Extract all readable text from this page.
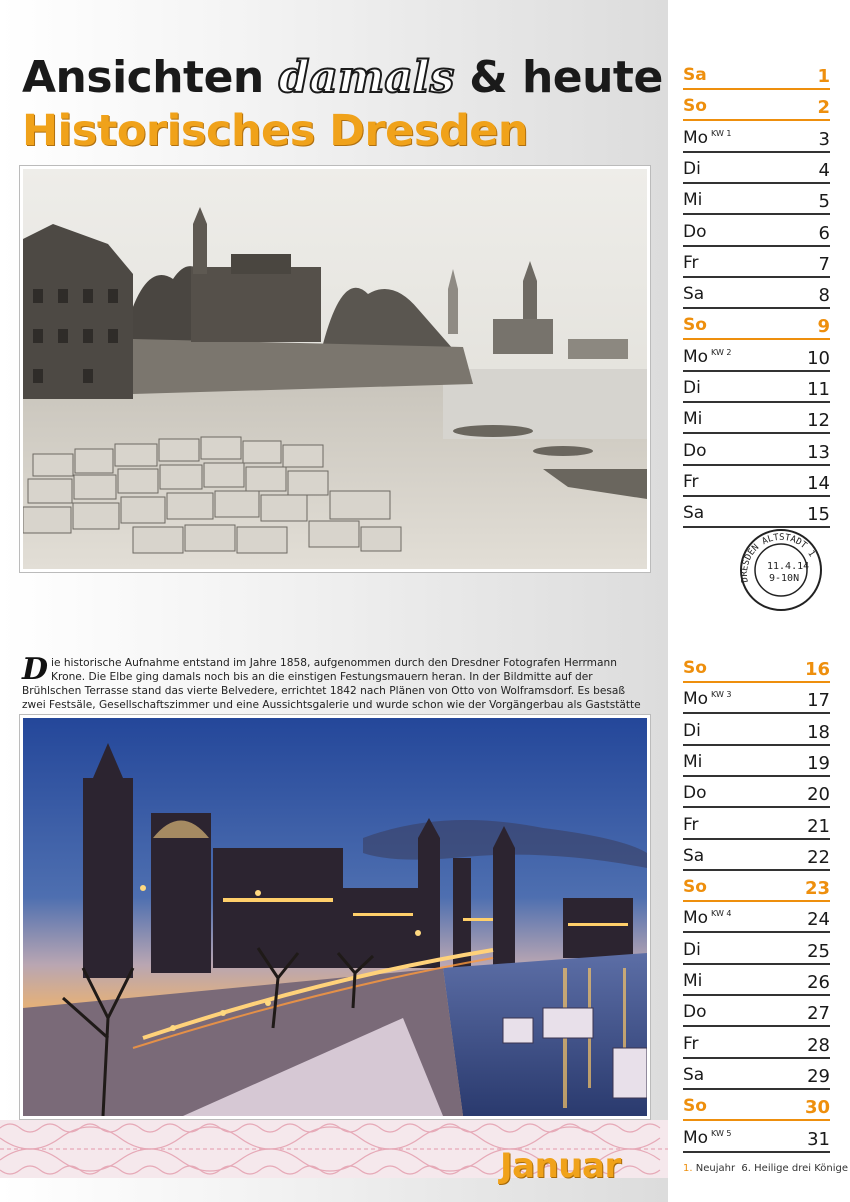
Ansichten damals & heute
Historisches Dresden
Die historische Aufnahme entstand im Jahre 1858, aufgenommen durch den Dresdner Fotografen Herrmann Krone. Die Elbe ging damals noch bis an die einstigen Festungsmauern heran. In der Bildmitte auf der Brühlschen Terrasse stand das vierte Belvedere, errichtet 1842 nach Plänen von Otto von Wolframsdorf. Es besaß zwei Festsäle, Gesellschaftszimmer und eine Aussichtsgalerie und wurde schon wie der Vorgängerbau als Gaststätte
Januar
11.4.14
9-10N
DRESDEN ALTSTADT 1
Sa	1
So	2
Mo KW 1	3
Di	4
Mi	5
Do	6
Fr	7
Sa	8
So	9
Mo KW 2	10
Di	11
Mi	12
Do	13
Fr	14
Sa	15
So	16
Mo KW 3	17
Di	18
Mi	19
Do	20
Fr	21
Sa	22
So	23
Mo KW 4	24
Di	25
Mi	26
Do	27
Fr	28
Sa	29
So	30
Mo KW 5	31
1. Neujahr 6. Heilige drei Könige
